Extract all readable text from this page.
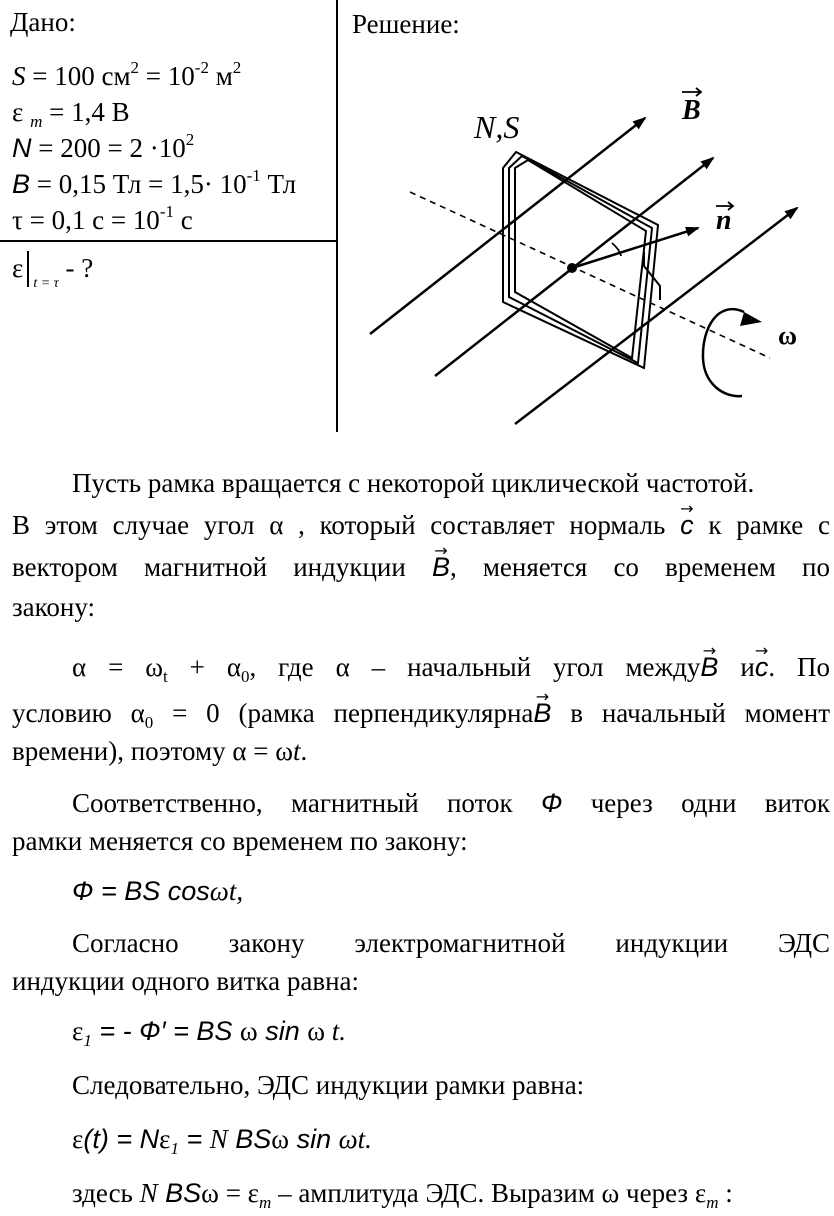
Дано:
S = 100 $см^2 = 10^{-2}$ $м^2$
ε $_m$ = 1,4 В
$N = 200 = 2 \cdot 10^2$
B = 0,15 Тл = $1,5\cdot 10^{-1}$ Тл
τ = 0,1 $с = 10^{-1}$ с
$\varepsilon_{t = \tau}$ - ?
Решение:
N,S	B
n
ω
Пусть рамка вращается с некоторой циклической частотой.
В этом случае угол α , который составляет нормаль → c к рамке с
вектором магнитной индукции → B, меняется со временем по
закону:
$\alpha = \omega_t + \alpha_0$, где α – начальный угол между→ B и→ c. По
условию $\alpha_0 = 0$ (рамка перпендикулярна→ B в начальный момент
времени), поэтому α = ωt.
Соответственно, магнитный поток Ф через одни виток
рамки меняется со временем по закону:
Ф = BS cosωt,
Согласно закону электромагнитной индукции ЭДС
индукции одного витка равна:
$\varepsilon_1$ = - Ф′ = BS ω sin ω t.
Следовательно, ЭДС индукции рамки равна:
$\varepsilon(t) = N\varepsilon_1 = N$ BSω sin ωt.
здесь N $BS\omega = \varepsilon_m$ – амплитуда ЭДС. Выразим ω через $\varepsilon_m$ :
